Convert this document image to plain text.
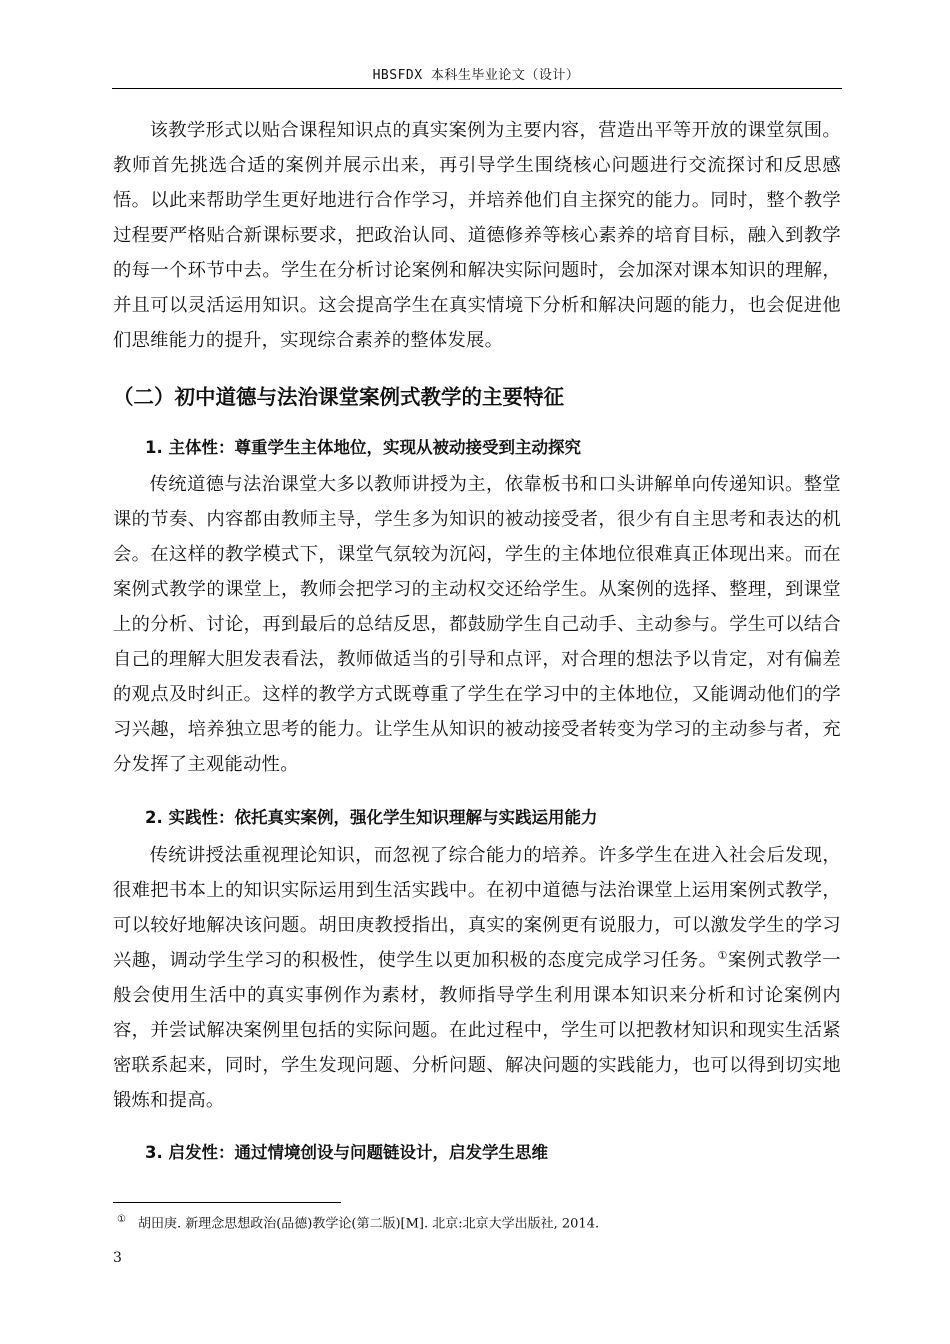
HBSFDX 本科生毕业论文（设计）

该教学形式以贴合课程知识点的真实案例为主要内容，营造出平等开放的课堂氛围。教师首先挑选合适的案例并展示出来，再引导学生围绕核心问题进行交流探讨和反思感悟。以此来帮助学生更好地进行合作学习，并培养他们自主探究的能力。同时，整个教学过程要严格贴合新课标要求，把政治认同、道德修养等核心素养的培育目标，融入到教学的每一个环节中去。学生在分析讨论案例和解决实际问题时，会加深对课本知识的理解，并且可以灵活运用知识。这会提高学生在真实情境下分析和解决问题的能力，也会促进他们思维能力的提升，实现综合素养的整体发展。

（二）初中道德与法治课堂案例式教学的主要特征
1. 主体性：尊重学生主体地位，实现从被动接受到主动探究

传统道德与法治课堂大多以教师讲授为主，依靠板书和口头讲解单向传递知识。整堂课的节奏、内容都由教师主导，学生多为知识的被动接受者，很少有自主思考和表达的机会。在这样的教学模式下，课堂气氛较为沉闷，学生的主体地位很难真正体现出来。而在案例式教学的课堂上，教师会把学习的主动权交还给学生。从案例的选择、整理，到课堂上的分析、讨论，再到最后的总结反思，都鼓励学生自己动手、主动参与。学生可以结合自己的理解大胆发表看法，教师做适当的引导和点评，对合理的想法予以肯定，对有偏差的观点及时纠正。这样的教学方式既尊重了学生在学习中的主体地位，又能调动他们的学习兴趣，培养独立思考的能力。让学生从知识的被动接受者转变为学习的主动参与者，充分发挥了主观能动性。

2. 实践性：依托真实案例，强化学生知识理解与实践运用能力

传统讲授法重视理论知识，而忽视了综合能力的培养。许多学生在进入社会后发现，很难把书本上的知识实际运用到生活实践中。在初中道德与法治课堂上运用案例式教学，可以较好地解决该问题。胡田庚教授指出，真实的案例更有说服力，可以激发学生的学习兴趣，调动学生学习的积极性，使学生以更加积极的态度完成学习任务。①案例式教学一般会使用生活中的真实事例作为素材，教师指导学生利用课本知识来分析和讨论案例内容，并尝试解决案例里包括的实际问题。在此过程中，学生可以把教材知识和现实生活紧密联系起来，同时，学生发现问题、分析问题、解决问题的实践能力，也可以得到切实地锻炼和提高。

3. 启发性：通过情境创设与问题链设计，启发学生思维
① 胡田庚. 新理念思想政治(品德)教学论(第二版)[M]. 北京:北京大学出版社, 2014.
3
